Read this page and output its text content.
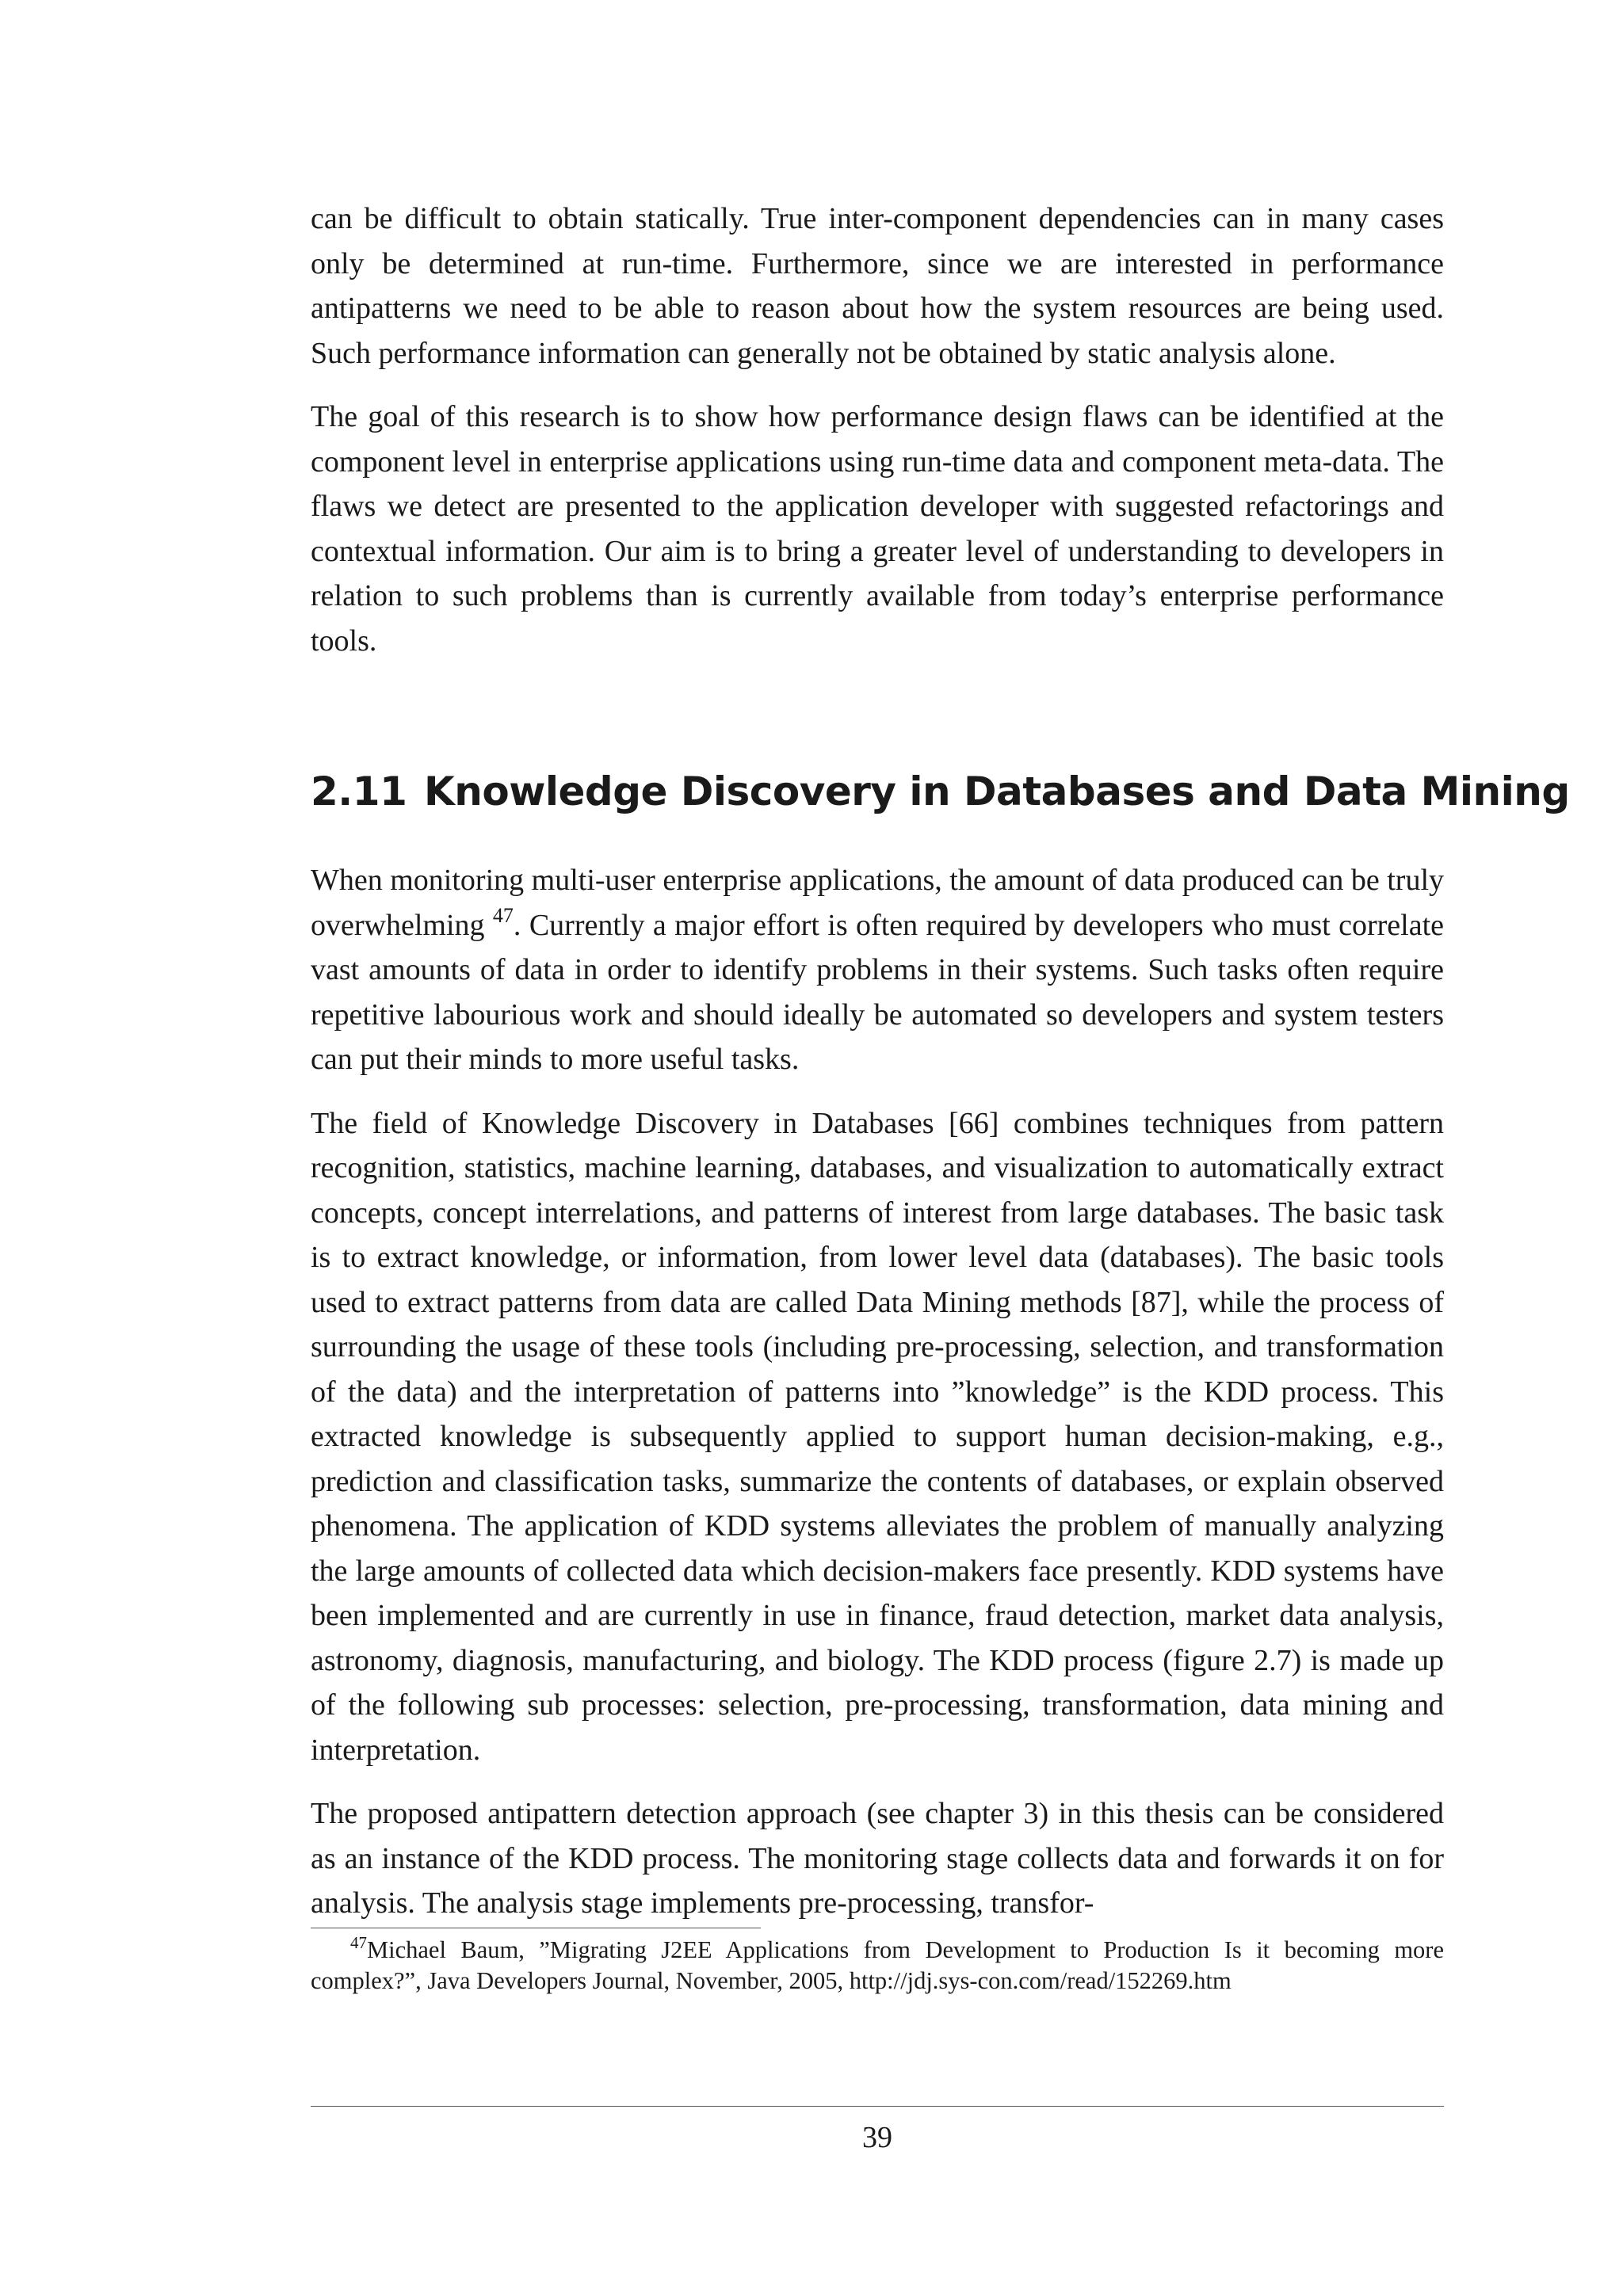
can be difficult to obtain statically. True inter-component dependencies can in many cases only be determined at run-time. Furthermore, since we are interested in performance antipatterns we need to be able to reason about how the system resources are being used. Such performance information can generally not be obtained by static analysis alone.

The goal of this research is to show how performance design flaws can be identified at the component level in enterprise applications using run-time data and component meta-data. The flaws we detect are presented to the application developer with suggested refactorings and contextual information. Our aim is to bring a greater level of understanding to developers in relation to such problems than is currently available from today’s enterprise performance tools.

2.11 Knowledge Discovery in Databases and Data Mining

When monitoring multi-user enterprise applications, the amount of data produced can be truly overwhelming $^{47}$. Currently a major effort is often required by developers who must correlate vast amounts of data in order to identify problems in their systems. Such tasks often require repetitive labourious work and should ideally be automated so developers and system testers can put their minds to more useful tasks.

The field of Knowledge Discovery in Databases [66] combines techniques from pattern recognition, statistics, machine learning, databases, and visualization to automatically extract concepts, concept interrelations, and patterns of interest from large databases. The basic task is to extract knowledge, or information, from lower level data (databases). The basic tools used to extract patterns from data are called Data Mining methods [87], while the process of surrounding the usage of these tools (including pre-processing, selection, and transformation of the data) and the interpretation of patterns into ”knowledge” is the KDD process. This extracted knowledge is subsequently applied to support human decision-making, e.g., prediction and classification tasks, summarize the contents of databases, or explain observed phenomena. The application of KDD systems alleviates the problem of manually analyzing the large amounts of collected data which decision-makers face presently. KDD systems have been implemented and are currently in use in finance, fraud detection, market data analysis, astronomy, diagnosis, manufacturing, and biology. The KDD process (figure 2.7) is made up of the following sub processes: selection, pre-processing, transformation, data mining and interpretation.

The proposed antipattern detection approach (see chapter 3) in this thesis can be considered as an instance of the KDD process. The monitoring stage collects data and forwards it on for analysis. The analysis stage implements pre-processing, transfor-

$^{47}$Michael Baum, ”Migrating J2EE Applications from Development to Production Is it becoming more complex?”, Java Developers Journal, November, 2005, http://jdj.sys-con.com/read/152269.htm

39
